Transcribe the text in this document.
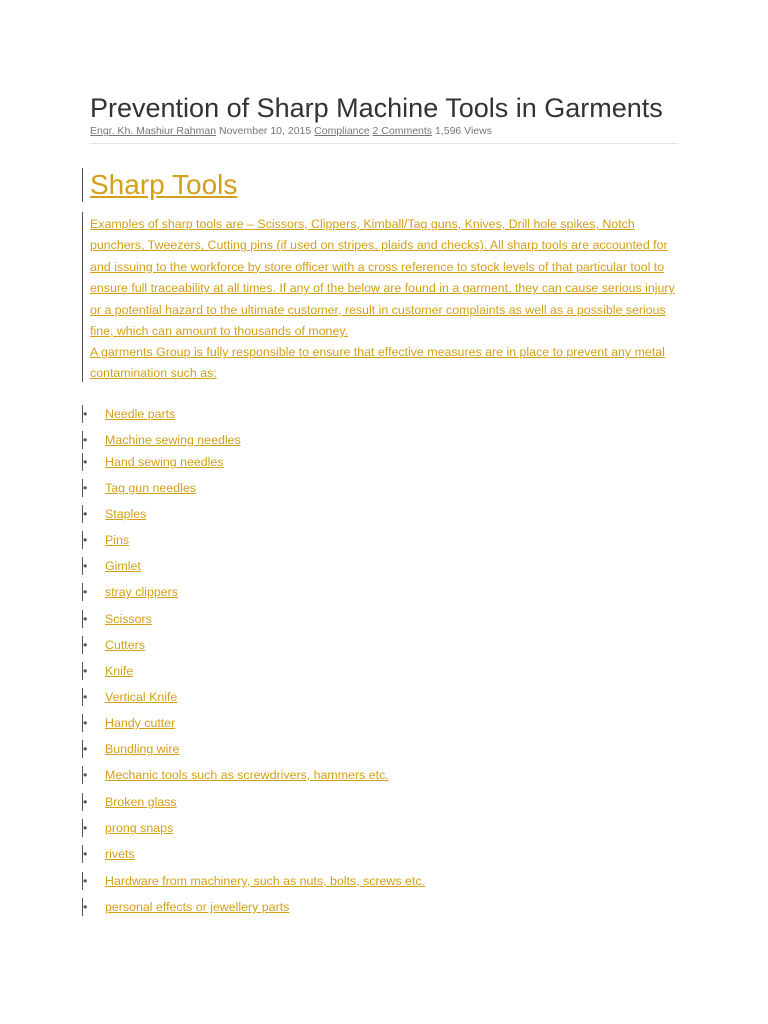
Prevention of Sharp Machine Tools in Garments
Engr. Kh. Mashiur Rahman November 10, 2015 Compliance 2 Comments 1,596 Views
Sharp Tools

Examples of sharp tools are – Scissors, Clippers, Kimball/Tag guns, Knives, Drill hole spikes, Notch punchers, Tweezers, Cutting pins (if used on stripes, plaids and checks). All sharp tools are accounted for and issuing to the workforce by store officer with a cross reference to stock levels of that particular tool to ensure full traceability at all times. If any of the below are found in a garment, they can cause serious injury or a potential hazard to the ultimate customer, result in customer complaints as well as a possible serious fine, which can amount to thousands of money.

A garments Group is fully responsible to ensure that effective measures are in place to prevent any metal contamination such as:

• Needle parts
• Machine sewing needles
• Hand sewing needles
• Tag gun needles
• Staples
• Pins
• Gimlet
• stray clippers
• Scissors
• Cutters
• Knife
• Vertical Knife
• Handy cutter
• Bundling wire
• Mechanic tools such as screwdrivers, hammers etc.
• Broken glass
• prong snaps
• rivets
• Hardware from machinery, such as nuts, bolts, screws etc.
• personal effects or jewellery parts
